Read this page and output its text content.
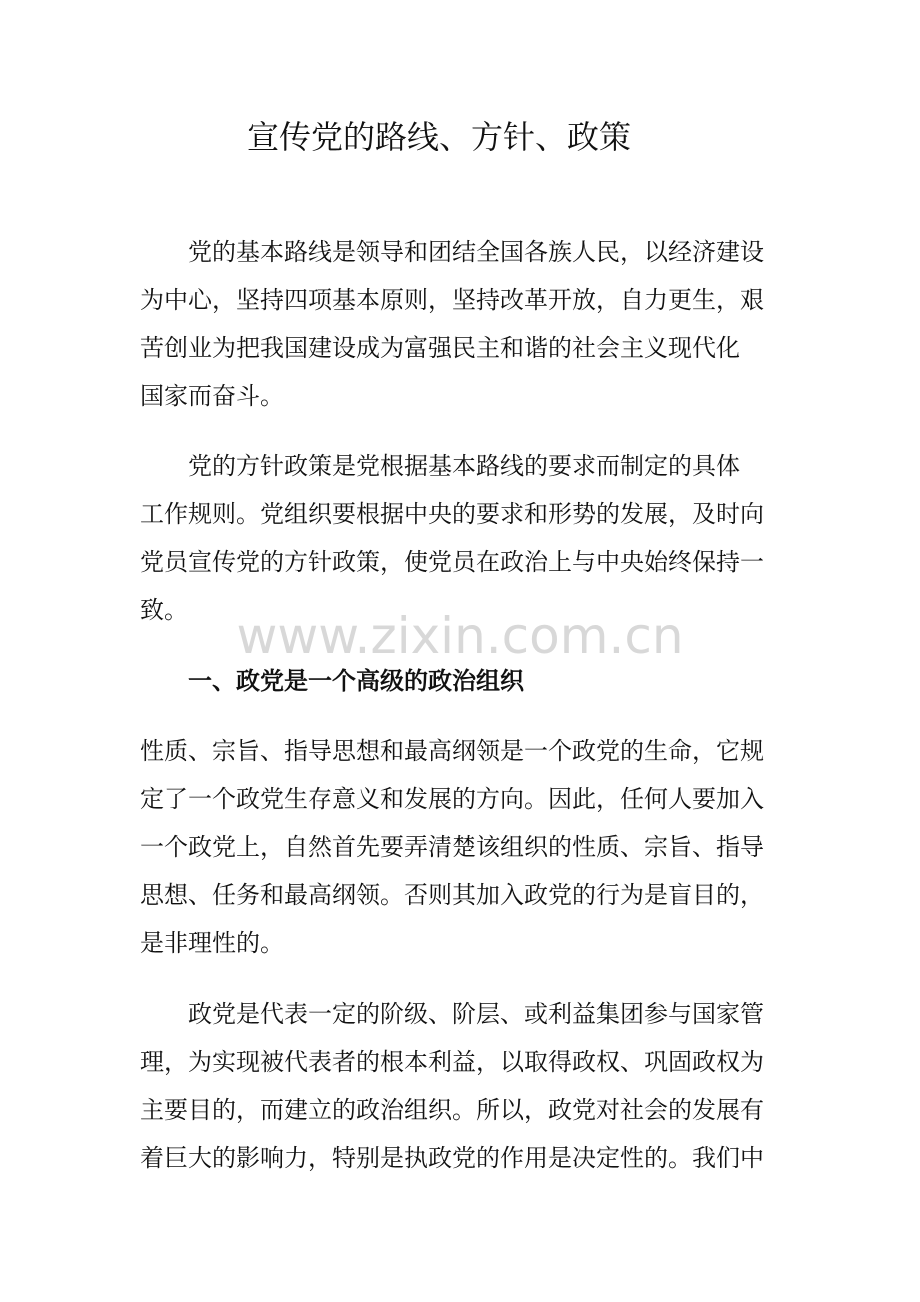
宣传党的路线、方针、政策

党的基本路线是领导和团结全国各族人民，以经济建设

为中心，坚持四项基本原则，坚持改革开放，自力更生，艰

苦创业为把我国建设成为富强民主和谐的社会主义现代化

国家而奋斗。

党的方针政策是党根据基本路线的要求而制定的具体

工作规则。党组织要根据中央的要求和形势的发展，及时向

党员宣传党的方针政策，使党员在政治上与中央始终保持一

致。

一、政党是一个高级的政治组织

性质、宗旨、指导思想和最高纲领是一个政党的生命，它规

定了一个政党生存意义和发展的方向。因此，任何人要加入

一个政党上，自然首先要弄清楚该组织的性质、宗旨、指导

思想、任务和最高纲领。否则其加入政党的行为是盲目的，

是非理性的。

政党是代表一定的阶级、阶层、或利益集团参与国家管

理，为实现被代表者的根本利益，以取得政权、巩固政权为

主要目的，而建立的政治组织。所以，政党对社会的发展有

着巨大的影响力，特别是执政党的作用是决定性的。我们中

www.zixin.com.cn
